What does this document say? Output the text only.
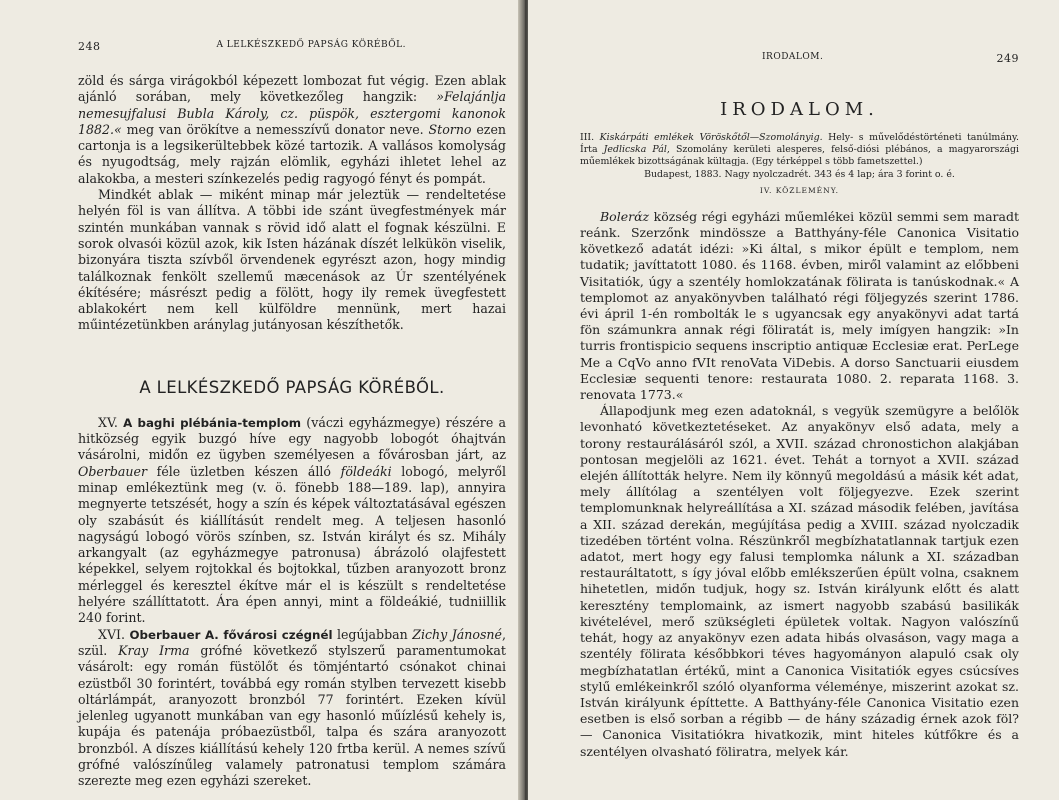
248	A LELKÉSZKEDŐ PAPSÁG KÖRÉBŐL.

zöld és sárga virágokból képezett lombozat fut végig. Ezen ablak ajánló sorában, mely következőleg hangzik: »Felajánlja nemesujfalusi Bubla Károly, cz. püspök, esztergomi kanonok 1882.« meg van örökítve a nemesszívű donator neve. Storno ezen cartonja is a legsikerültebbek közé tartozik. A vallásos komolyság és nyugodtság, mely rajzán elömlik, egyházi ihletet lehel az alakokba, a mesteri színkezelés pedig ragyogó fényt és pompát.

Mindkét ablak — miként minap már jeleztük — rendeltetése helyén föl is van állítva. A többi ide szánt üvegfestmények már szintén munkában vannak s rövid idő alatt el fognak készülni. E sorok olvasói közül azok, kik Isten házának díszét lelkükön viselik, bizonyára tiszta szívből örvendenek egyrészt azon, hogy mindig találkoznak fenkölt szellemű mæcenások az Úr szentélyének ékítésére; másrészt pedig a fölött, hogy ily remek üvegfestett ablakokért nem kell külföldre mennünk, mert hazai műintézetünkben aránylag jutányosan készíthetők.

A LELKÉSZKEDŐ PAPSÁG KÖRÉBŐL.

XV. A baghi plébánia-templom (váczi egyházmegye) részére a hitközség egyik buzgó híve egy nagyobb lobogót óhajtván vásárolni, midőn ez ügyben személyesen a fővárosban járt, az Oberbauer féle üzletben készen álló földeáki lobogó, melyről minap emlékeztünk meg (v. ö. fönebb 188—189. lap), annyira megnyerte tetszését, hogy a szín és képek változtatásával egészen oly szabásút és kiállításút rendelt meg. A teljesen hasonló nagyságú lobogó vörös színben, sz. István királyt és sz. Mihály arkangyalt (az egyházmegye patronusa) ábrázoló olajfestett képekkel, selyem rojtokkal és bojtokkal, tűzben aranyozott bronz mérleggel és keresztel ékítve már el is készült s rendeltetése helyére szállíttatott. Ára épen annyi, mint a földeákié, tudniillik 240 forint.

XVI. Oberbauer A. fővárosi czégnél legújabban Zichy Jánosné, szül. Kray Irma grófné következő stylszerű paramentumokat vásárolt: egy román füstölőt és tömjéntartó csónakot chinai ezüstből 30 forintért, továbbá egy román stylben tervezett kisebb oltárlámpát, aranyozott bronzból 77 forintért. Ezeken kívül jelenleg ugyanott munkában van egy hasonló műízlésű kehely is, kupája és patenája próbaezüstből, talpa és szára aranyozott bronzból. A díszes kiállítású kehely 120 frtba kerül. A nemes szívű grófné valószínűleg valamely patronatusi templom számára szerezte meg ezen egyházi szereket.

IRODALOM.	249
IRODALOM.
III. Kiskárpáti emlékek Vöröskőtől—Szomolányig. Hely- s művelődéstörténeti tanúlmány. Írta Jedlicska Pál, Szomolány kerületi alesperes, felső-diósi plébános, a magyarországi műemlékek bizottságának kültagja. (Egy térképpel s több fametszettel.)
Budapest, 1883. Nagy nyolczadrét. 343 és 4 lap; ára 3 forint o. é.
IV. KÖZLEMÉNY.

Bolerάz község régi egyházi műemlékei közül semmi sem maradt reánk. Szerzőnk mindössze a Batthyány-féle Canonica Visitatio következő adatát idézi: »Ki által, s mikor épült e templom, nem tudatik; javíttatott 1080. és 1168. évben, miről valamint az előbbeni Visitatiók, úgy a szentély homlokzatának fölirata is tanúskodnak.« A templomot az anyakönyvben található régi följegyzés szerint 1786. évi ápril 1-én rombolták le s ugyancsak egy anyakönyvi adat tartá fön számunkra annak régi föliratát is, mely imígyen hangzik: »In turris frontispicio sequens inscriptio antiquæ Ecclesiæ erat. PerLege Me a CqVo anno fVIt renoVata ViDebis. A dorso Sanctuarii eiusdem Ecclesiæ sequenti tenore: restaurata 1080. 2. reparata 1168. 3. renovata 1773.«

Állapodjunk meg ezen adatoknál, s vegyük szemügyre a belőlök levonható következtetéseket. Az anyakönyv első adata, mely a torony restaurálásáról szól, a XVII. század chronostichon alakjában pontosan megjelöli az 1621. évet. Tehát a tornyot a XVII. század elején állították helyre. Nem ily könnyű megoldású a másik két adat, mely állítólag a szentélyen volt följegyezve. Ezek szerint templomunknak helyreállítása a XI. század második felében, javítása a XII. század derekán, megújítása pedig a XVIII. század nyolczadik tizedében történt volna. Részünkről megbízhatatlannak tartjuk ezen adatot, mert hogy egy falusi templomka nálunk a XI. században restauráltatott, s így jóval előbb emlékszerűen épült volna, csaknem hihetetlen, midőn tudjuk, hogy sz. István királyunk előtt és alatt keresztény templomaink, az ismert nagyobb szabású basilikák kivételével, merő szükségleti épületek voltak. Nagyon valószínű tehát, hogy az anyakönyv ezen adata hibás olvasáson, vagy maga a szentély fölirata későbbkori téves hagyományon alapuló csak oly megbízhatatlan értékű, mint a Canonica Visitatiók egyes csúcsíves stylű emlékeinkről szóló olyanforma véleménye, miszerint azokat sz. István királyunk építtette. A Batthyány-féle Canonica Visitatio ezen esetben is első sorban a régibb — de hány századig érnek azok föl? — Canonica Visitatiókra hivatkozik, mint hiteles kútfőkre és a szentélyen olvasható föliratra, melyek kár.
